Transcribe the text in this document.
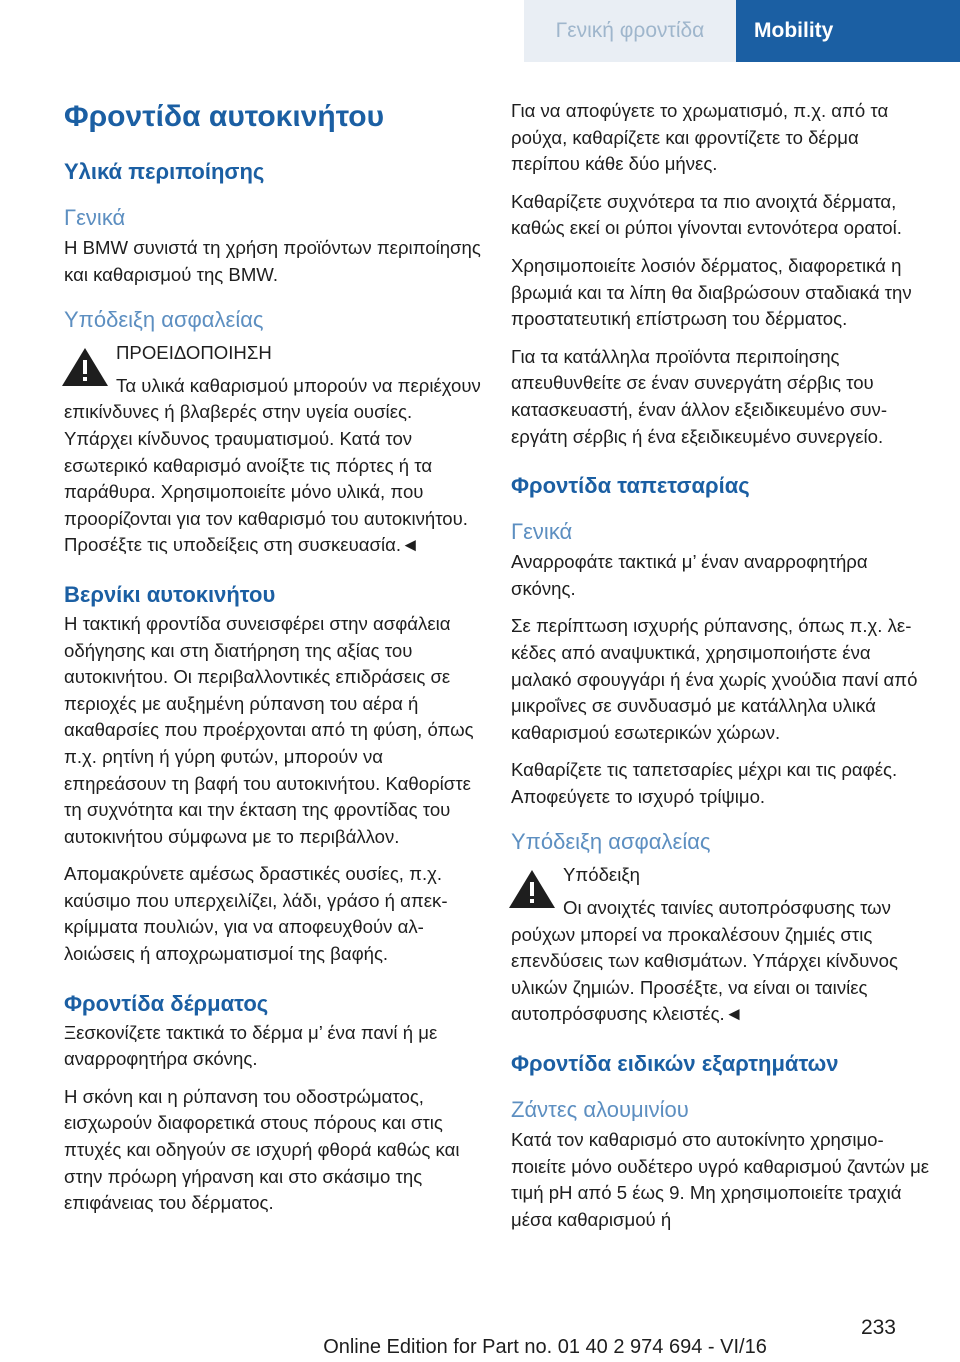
Γενική φροντίδα	Mobility
Φροντίδα αυτοκινήτου
Υλικά περιποίησης
Γενικά

Η BMW συνιστά τη χρήση προϊόντων περιποίησης και καθαρισμού της BMW.

Υπόδειξη ασφαλείας
ΠΡΟΕΙΔΟΠΟΙΗΣΗ

Τα υλικά καθαρισμού μπορούν να περιέχουν επικίνδυνες ή βλαβερές στην υγεία ουσίες. Υπάρχει κίνδυνος τραυματισμού. Κατά τον εσωτερικό καθαρισμό ανοίξτε τις πόρτες ή τα παράθυρα. Χρησιμοποιείτε μόνο υλικά, που προορίζονται για τον καθαρισμό του αυτοκινήτου. Προσέξτε τις υποδείξεις στη συσκευασία.◄

Βερνίκι αυτοκινήτου

Η τακτική φροντίδα συνεισφέρει στην ασφάλεια οδήγησης και στη διατήρηση της αξίας του αυτοκινήτου. Οι περιβαλλοντικές επιδράσεις σε περιοχές με αυξημένη ρύπανση του αέρα ή ακαθαρσίες που προέρχονται από τη φύση, όπως π.χ. ρητίνη ή γύρη φυτών, μπορούν να επηρεάσουν τη βαφή του αυτοκινήτου. Καθορίστε τη συχνότητα και την έκταση της φροντίδας του αυτοκινήτου σύμφωνα με το περιβάλλον.

Απομακρύνετε αμέσως δραστικές ουσίες, π.χ. καύσιμο που υπερχειλίζει, λάδι, γράσο ή απεκκρίμματα πουλιών, για να αποφευχθούν αλλοιώσεις ή αποχρωματισμοί της βαφής.

Φροντίδα δέρματος

Ξεσκονίζετε τακτικά το δέρμα μ’ ένα πανί ή με αναρροφητήρα σκόνης.

Η σκόνη και η ρύπανση του οδοστρώματος, εισχωρούν διαφορετικά στους πόρους και στις πτυχές και οδηγούν σε ισχυρή φθορά καθώς και στην πρόωρη γήρανση και στο σκάσιμο της επιφάνειας του δέρματος.

Για να αποφύγετε το χρωματισμό, π.χ. από τα ρούχα, καθαρίζετε και φροντίζετε το δέρμα περίπου κάθε δύο μήνες.

Καθαρίζετε συχνότερα τα πιο ανοιχτά δέρματα, καθώς εκεί οι ρύποι γίνονται εντονότερα ορατοί.

Χρησιμοποιείτε λοσιόν δέρματος, διαφορετικά η βρωμιά και τα λίπη θα διαβρώσουν σταδιακά την προστατευτική επίστρωση του δέρματος.

Για τα κατάλληλα προϊόντα περιποίησης απευθυνθείτε σε έναν συνεργάτη σέρβις του κατασκευαστή, έναν άλλον εξειδικευμένο συνεργάτη σέρβις ή ένα εξειδικευμένο συνεργείο.

Φροντίδα ταπετσαρίας
Γενικά

Αναρροφάτε τακτικά μ’ έναν αναρροφητήρα σκόνης.

Σε περίπτωση ισχυρής ρύπανσης, όπως π.χ. λεκέδες από αναψυκτικά, χρησιμοποιήστε ένα μαλακό σφουγγάρι ή ένα χωρίς χνούδια πανί από μικροΐνες σε συνδυασμό με κατάλληλα υλικά καθαρισμού εσωτερικών χώρων.

Καθαρίζετε τις ταπετσαρίες μέχρι και τις ραφές. Αποφεύγετε το ισχυρό τρίψιμο.

Υπόδειξη ασφαλείας
Υπόδειξη

Οι ανοιχτές ταινίες αυτοπρόσφυσης των ρούχων μπορεί να προκαλέσουν ζημιές στις επενδύσεις των καθισμάτων. Υπάρχει κίνδυνος υλικών ζημιών. Προσέξτε, να είναι οι ταινίες αυτοπρόσφυσης κλειστές.◄

Φροντίδα ειδικών εξαρτημάτων
Ζάντες αλουμινίου

Κατά τον καθαρισμό στο αυτοκίνητο χρησιμοποιείτε μόνο ουδέτερο υγρό καθαρισμού ζαντών με τιμή pH από 5 έως 9. Μη χρησιμοποιείτε τραχιά μέσα καθαρισμού ή

233
Online Edition for Part no. 01 40 2 974 694 - VI/16
